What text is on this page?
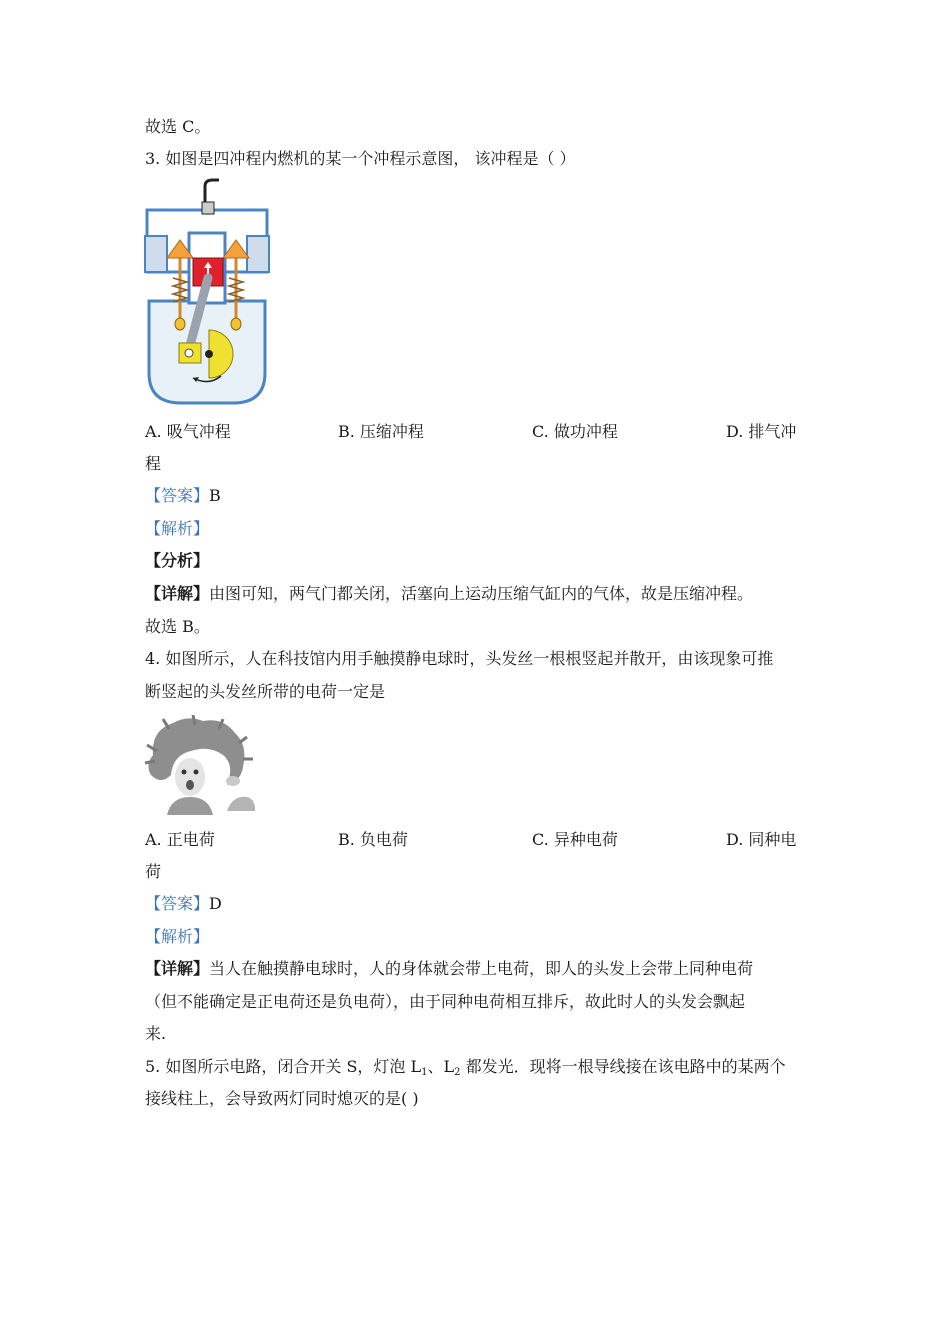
故选 C。
3. 如图是四冲程内燃机的某一个冲程示意图， 该冲程是（ ）
A. 吸气冲程	B. 压缩冲程	C. 做功冲程	D. 排气冲
程
【答案】B
【解析】
【分析】
【详解】由图可知，两气门都关闭，活塞向上运动压缩气缸内的气体，故是压缩冲程。
故选 B。
4. 如图所示，人在科技馆内用手触摸静电球时，头发丝一根根竖起并散开，由该现象可推
断竖起的头发丝所带的电荷一定是
A. 正电荷	B. 负电荷	C. 异种电荷	D. 同种电
荷
【答案】D
【解析】
【详解】当人在触摸静电球时，人的身体就会带上电荷，即人的头发上会带上同种电荷
（但不能确定是正电荷还是负电荷），由于同种电荷相互排斥，故此时人的头发会飘起
来.
5. 如图所示电路，闭合开关 S，灯泡 $L_1$、$L_2$ 都发光．现将一根导线接在该电路中的某两个
接线柱上，会导致两灯同时熄灭的是( )
